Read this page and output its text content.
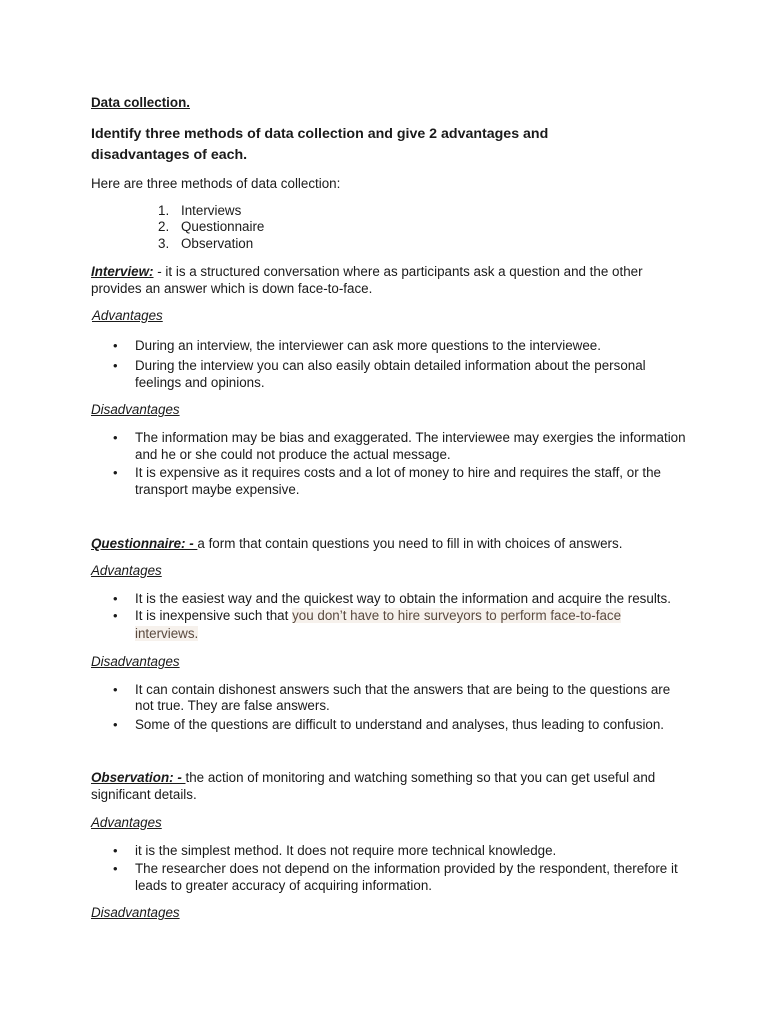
Data collection.

Identify three methods of data collection and give 2 advantages and

disadvantages of each.

Here are three methods of data collection:

1. Interviews
2. Questionnaire
3. Observation

Interview: - it is a structured conversation where as participants ask a question and the other

provides an answer which is down face-to-face.

Advantages

• During an interview, the interviewer can ask more questions to the interviewee.

• During the interview you can also easily obtain detailed information about the personal

feelings and opinions.

Disadvantages

• The information may be bias and exaggerated. The interviewee may exergies the information

and he or she could not produce the actual message.

• It is expensive as it requires costs and a lot of money to hire and requires the staff, or the

transport maybe expensive.

Questionnaire: - a form that contain questions you need to fill in with choices of answers.

Advantages

• It is the easiest way and the quickest way to obtain the information and acquire the results.

• It is inexpensive such that you don’t have to hire surveyors to perform face-to-face

interviews.

Disadvantages

• It can contain dishonest answers such that the answers that are being to the questions are

not true. They are false answers.

• Some of the questions are difficult to understand and analyses, thus leading to confusion.

Observation: - the action of monitoring and watching something so that you can get useful and

significant details.

Advantages

• it is the simplest method. It does not require more technical knowledge.

• The researcher does not depend on the information provided by the respondent, therefore it

leads to greater accuracy of acquiring information.

Disadvantages
